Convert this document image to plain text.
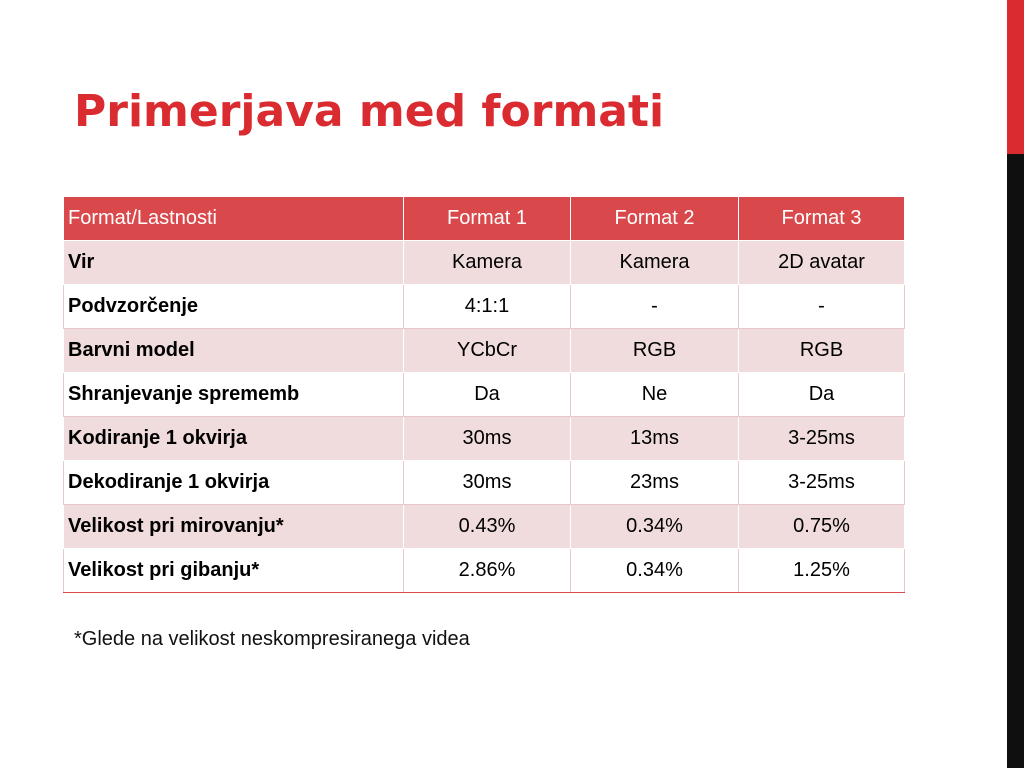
Primerjava med formati
Format/Lastnosti	Format 1	Format 2	Format 3
Vir	Kamera	Kamera	2D avatar
Podvzorčenje	4:1:1	-	-
Barvni model	YCbCr	RGB	RGB
Shranjevanje sprememb	Da	Ne	Da
Kodiranje 1 okvirja	30ms	13ms	3-25ms
Dekodiranje 1 okvirja	30ms	23ms	3-25ms
Velikost pri mirovanju*	0.43%	0.34%	0.75%
Velikost pri gibanju*	2.86%	0.34%	1.25%

*Glede na velikost neskompresiranega videa
